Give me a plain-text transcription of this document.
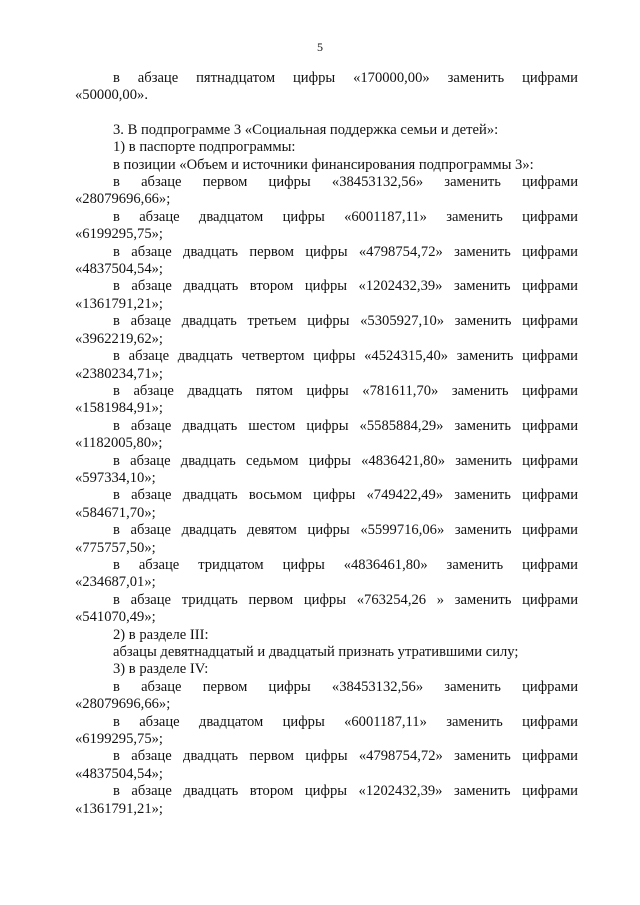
5
в абзаце пятнадцатом цифры «170000,00» заменить цифрами
«50000,00».
3. В подпрограмме 3 «Социальная поддержка семьи и детей»:
1) в паспорте подпрограммы:
в позиции «Объем и источники финансирования подпрограммы 3»:
в абзаце первом цифры «38453132,56» заменить цифрами
«28079696,66»;
в абзаце двадцатом цифры «6001187,11» заменить цифрами
«6199295,75»;
в абзаце двадцать первом цифры «4798754,72» заменить цифрами
«4837504,54»;
в абзаце двадцать втором цифры «1202432,39» заменить цифрами
«1361791,21»;
в абзаце двадцать третьем цифры «5305927,10» заменить цифрами
«3962219,62»;
в абзаце двадцать четвертом цифры «4524315,40» заменить цифрами
«2380234,71»;
в абзаце двадцать пятом цифры «781611,70» заменить цифрами
«1581984,91»;
в абзаце двадцать шестом цифры «5585884,29» заменить цифрами
«1182005,80»;
в абзаце двадцать седьмом цифры «4836421,80» заменить цифрами
«597334,10»;
в абзаце двадцать восьмом цифры «749422,49» заменить цифрами
«584671,70»;
в абзаце двадцать девятом цифры «5599716,06» заменить цифрами
«775757,50»;
в абзаце тридцатом цифры «4836461,80» заменить цифрами
«234687,01»;
в абзаце тридцать первом цифры «763254,26 » заменить цифрами
«541070,49»;
2) в разделе III:
абзацы девятнадцатый и двадцатый признать утратившими силу;
3) в разделе IV:
в абзаце первом цифры «38453132,56» заменить цифрами
«28079696,66»;
в абзаце двадцатом цифры «6001187,11» заменить цифрами
«6199295,75»;
в абзаце двадцать первом цифры «4798754,72» заменить цифрами
«4837504,54»;
в абзаце двадцать втором цифры «1202432,39» заменить цифрами
«1361791,21»;
